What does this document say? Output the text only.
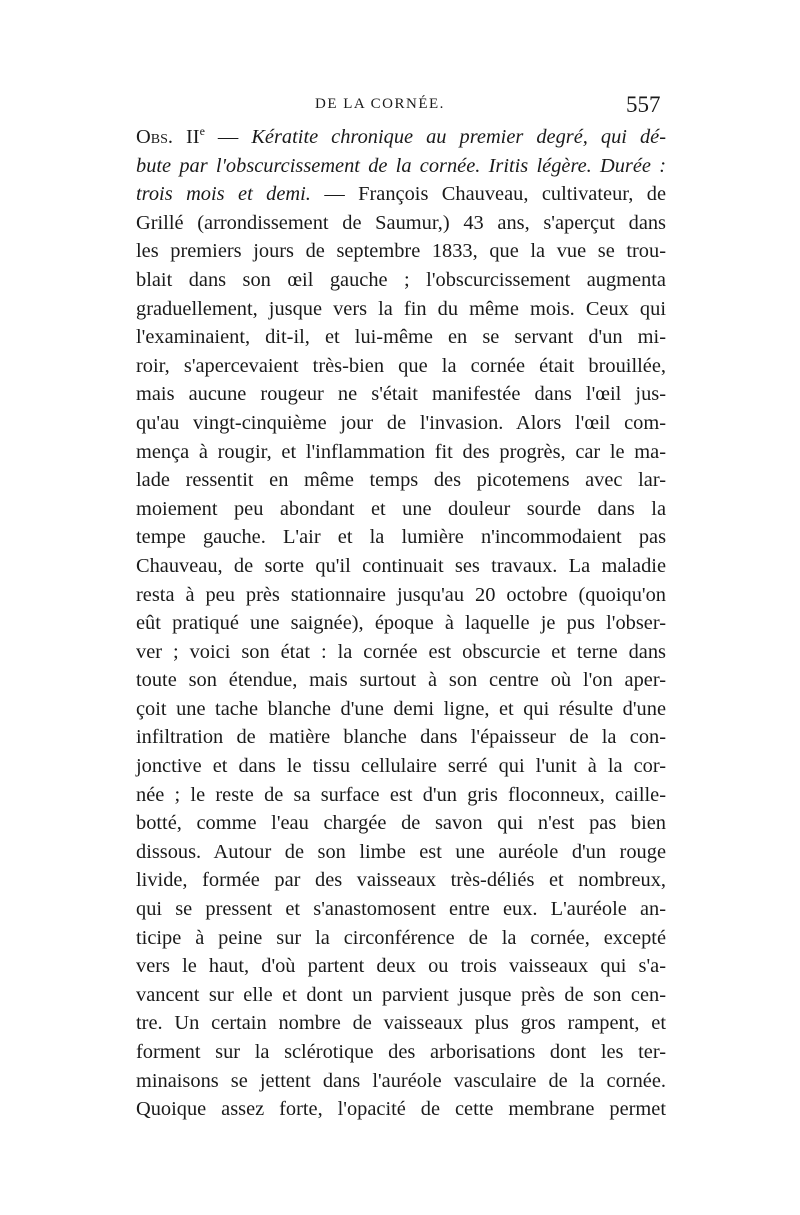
DE LA CORNÉE.	557
Obs. IIe — Kératite chronique au premier degré, qui dé-
bute par l'obscurcissement de la cornée. Iritis légère. Durée :
trois mois et demi. — François Chauveau, cultivateur, de
Grillé (arrondissement de Saumur,) 43 ans, s'aperçut dans
les premiers jours de septembre 1833, que la vue se trou-
blait dans son œil gauche ; l'obscurcissement augmenta
graduellement, jusque vers la fin du même mois. Ceux qui
l'examinaient, dit-il, et lui-même en se servant d'un mi-
roir, s'apercevaient très-bien que la cornée était brouillée,
mais aucune rougeur ne s'était manifestée dans l'œil jus-
qu'au vingt-cinquième jour de l'invasion. Alors l'œil com-
mença à rougir, et l'inflammation fit des progrès, car le ma-
lade ressentit en même temps des picotemens avec lar-
moiement peu abondant et une douleur sourde dans la
tempe gauche. L'air et la lumière n'incommodaient pas
Chauveau, de sorte qu'il continuait ses travaux. La maladie
resta à peu près stationnaire jusqu'au 20 octobre (quoiqu'on
eût pratiqué une saignée), époque à laquelle je pus l'obser-
ver ; voici son état : la cornée est obscurcie et terne dans
toute son étendue, mais surtout à son centre où l'on aper-
çoit une tache blanche d'une demi ligne, et qui résulte d'une
infiltration de matière blanche dans l'épaisseur de la con-
jonctive et dans le tissu cellulaire serré qui l'unit à la cor-
née ; le reste de sa surface est d'un gris floconneux, caille-
botté, comme l'eau chargée de savon qui n'est pas bien
dissous. Autour de son limbe est une auréole d'un rouge
livide, formée par des vaisseaux très-déliés et nombreux,
qui se pressent et s'anastomosent entre eux. L'auréole an-
ticipe à peine sur la circonférence de la cornée, excepté
vers le haut, d'où partent deux ou trois vaisseaux qui s'a-
vancent sur elle et dont un parvient jusque près de son cen-
tre. Un certain nombre de vaisseaux plus gros rampent, et
forment sur la sclérotique des arborisations dont les ter-
minaisons se jettent dans l'auréole vasculaire de la cornée.
Quoique assez forte, l'opacité de cette membrane permet
